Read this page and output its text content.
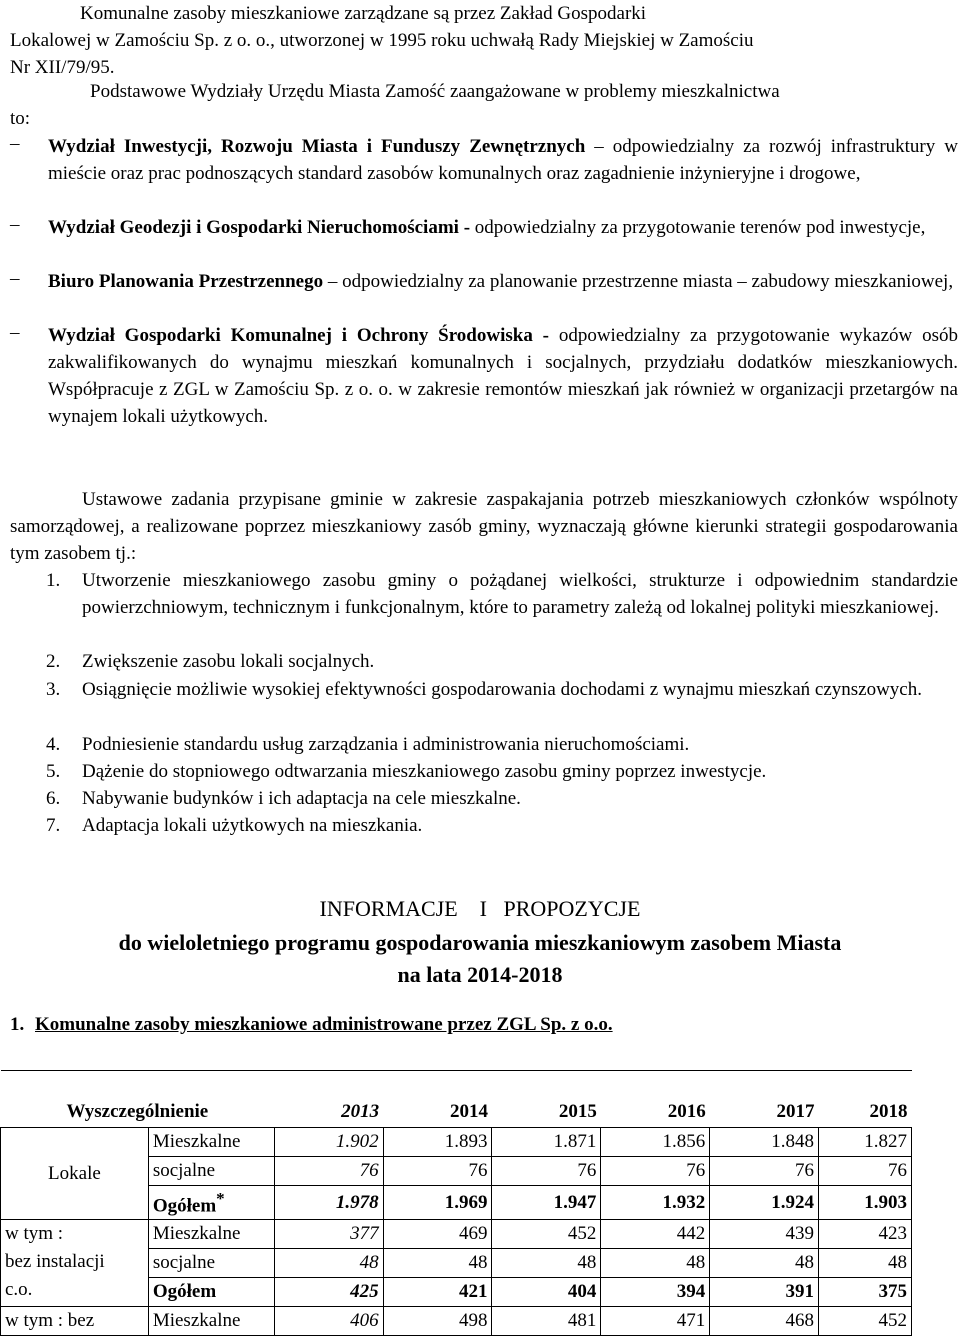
Komunalne zasoby mieszkaniowe zarządzane są przez Zakład Gospodarki
Lokalowej w Zamościu Sp. z o. o., utworzonej w 1995 roku uchwałą Rady Miejskiej w Zamościu
Nr XII/79/95.
Podstawowe Wydziały Urzędu Miasta Zamość zaangażowane w problemy mieszkalnictwa
to:
–	Wydział Inwestycji, Rozwoju Miasta i Funduszy Zewnętrznych – odpowiedzialny za rozwój infrastruktury w mieście oraz prac podnoszących standard zasobów komunalnych oraz zagadnienie inżynieryjne i drogowe,
–	Wydział Geodezji i Gospodarki Nieruchomościami - odpowiedzialny za przygotowanie terenów pod inwestycje,
–	Biuro Planowania Przestrzennego – odpowiedzialny za planowanie przestrzenne miasta – zabudowy mieszkaniowej,
–	Wydział Gospodarki Komunalnej i Ochrony Środowiska - odpowiedzialny za przygotowanie wykazów osób zakwalifikowanych do wynajmu mieszkań komunalnych i socjalnych, przydziału dodatków mieszkaniowych. Współpracuje z ZGL w Zamościu Sp. z o. o. w zakresie remontów mieszkań jak również w organizacji przetargów na wynajem lokali użytkowych.
Ustawowe zadania przypisane gminie w zakresie zaspakajania potrzeb mieszkaniowych członków wspólnoty samorządowej, a realizowane poprzez mieszkaniowy zasób gminy, wyznaczają główne kierunki strategii gospodarowania tym zasobem tj.:
1. Utworzenie mieszkaniowego zasobu gminy o pożądanej wielkości, strukturze i odpowiednim standardzie powierzchniowym, technicznym i funkcjonalnym, które to parametry zależą od lokalnej polityki mieszkaniowej.
2. Zwiększenie zasobu lokali socjalnych.
3. Osiągnięcie możliwie wysokiej efektywności gospodarowania dochodami z wynajmu mieszkań czynszowych.
4. Podniesienie standardu usług zarządzania i administrowania nieruchomościami.
5. Dążenie do stopniowego odtwarzania mieszkaniowego zasobu gminy poprzez inwestycje.
6. Nabywanie budynków i ich adaptacja na cele mieszkalne.
7. Adaptacja lokali użytkowych na mieszkania.
INFORMACJE    I   PROPOZYCJE
do wieloletniego programu gospodarowania mieszkaniowym zasobem Miasta
na lata 2014-2018
1. Komunalne zasoby mieszkaniowe administrowane przez ZGL Sp. z o.o.
Wyszczególnienie		2013	2014	2015	2016	2017	2018
Lokale	Mieszkalne	1.902	1.893	1.871	1.856	1.848	1.827
	socjalne	76	76	76	76	76	76
	Ogółem*	1.978	1.969	1.947	1.932	1.924	1.903

w tym :
bez instalacji
c.o.	Mieszkalne	377	469	452	442	439	423
	socjalne	48	48	48	48	48	48
	Ogółem	425	421	404	394	391	375
w tym : bez	Mieszkalne	406	498	481	471	468	452
